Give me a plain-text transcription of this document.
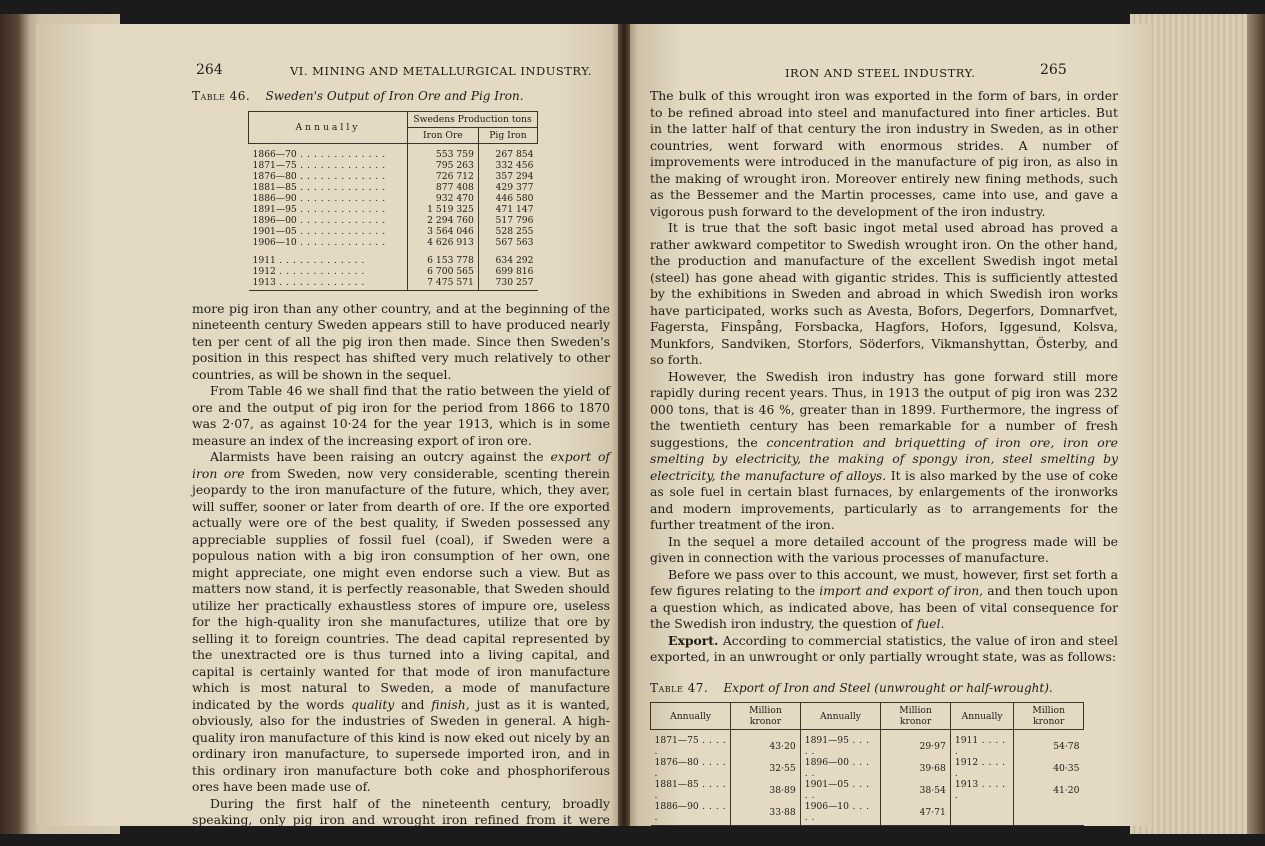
264	VI. MINING AND METALLURGICAL INDUSTRY.
Table 46. Sweden's Output of Iron Ore and Pig Iron.
Annually	Swedens Production tons	
	Iron Ore	Pig Iron
1866—70 . . .	553 759	267 854
1871—75 . . .	795 263	332 456
1876—80 . . .	726 712	357 294
1881—85 . . .	877 408	429 377
1886—90 . . .	932 470	446 580
1891—95 . . .	1 519 325	471 147
1896—00 . . .	2 294 760	517 796
1901—05 . . .	3 564 046	528 255
1906—10 . . .	4 626 913	567 563
1911 . . .	6 153 778	634 292
1912 . . .	6 700 565	699 816
1913 . . .	7 475 571	730 257

more pig iron than any other country, and at the beginning of the nineteenth century Sweden appears still to have produced nearly ten per cent of all the pig iron then made. Since then Sweden's position in this respect has shifted very much relatively to other countries, as will be shown in the sequel.

From Table 46 we shall find that the ratio between the yield of ore and the output of pig iron for the period from 1866 to 1870 was 2·07, as against 10·24 for the year 1913, which is in some measure an index of the increasing export of iron ore.

Alarmists have been raising an outcry against the export of iron ore from Sweden, now very considerable, scenting therein jeopardy to the iron manufacture of the future, which, they aver, will suffer, sooner or later from dearth of ore. If the ore exported actually were ore of the best quality, if Sweden possessed any appreciable supplies of fossil fuel (coal), if Sweden were a populous nation with a big iron consumption of her own, one might appreciate, one might even endorse such a view. But as matters now stand, it is perfectly reasonable, that Sweden should utilize her practically exhaustless stores of impure ore, useless for the high-quality iron she manufactures, utilize that ore by selling it to foreign countries. The dead capital represented by the unextracted ore is thus turned into a living capital, and capital is certainly wanted for that mode of iron manufacture which is most natural to Sweden, a mode of manufacture indicated by the words quality and finish, just as it is wanted, obviously, also for the industries of Sweden in general. A high-quality iron manufacture of this kind is now eked out nicely by an ordinary iron manufacture, to supersede imported iron, and in this ordinary iron manufacture both coke and phosphoriferous ores have been made use of.

During the first half of the nineteenth century, broadly speaking, only pig iron and wrought iron refined from it were produced in Sweden.

IRON AND STEEL INDUSTRY.	265

The bulk of this wrought iron was exported in the form of bars, in order to be refined abroad into steel and manufactured into finer articles. But in the latter half of that century the iron industry in Sweden, as in other countries, went forward with enormous strides. A number of improvements were introduced in the manufacture of pig iron, as also in the making of wrought iron. Moreover entirely new fining methods, such as the Bessemer and the Martin processes, came into use, and gave a vigorous push forward to the development of the iron industry.

It is true that the soft basic ingot metal used abroad has proved a rather awkward competitor to Swedish wrought iron. On the other hand, the production and manufacture of the excellent Swedish ingot metal (steel) has gone ahead with gigantic strides. This is sufficiently attested by the exhibitions in Sweden and abroad in which Swedish iron works have participated, works such as Avesta, Bofors, Degerfors, Domnarfvet, Fagersta, Finspång, Forsbacka, Hagfors, Hofors, Iggesund, Kolsva, Munkfors, Sandviken, Storfors, Söderfors, Vikmanshyttan, Österby, and so forth.

However, the Swedish iron industry has gone forward still more rapidly during recent years. Thus, in 1913 the output of pig iron was 232 000 tons, that is 46 %, greater than in 1899. Furthermore, the ingress of the twentieth century has been remarkable for a number of fresh suggestions, the concentration and briquetting of iron ore, iron ore smelting by electricity, the making of spongy iron, steel smelting by electricity, the manufacture of alloys. It is also marked by the use of coke as sole fuel in certain blast furnaces, by enlargements of the ironworks and modern improvements, particularly as to arrangements for the further treatment of the iron.

In the sequel a more detailed account of the progress made will be given in connection with the various processes of manufacture.

Before we pass over to this account, we must, however, first set forth a few figures relating to the import and export of iron, and then touch upon a question which, as indicated above, has been of vital consequence for the Swedish iron industry, the question of fuel.

Export. According to commercial statistics, the value of iron and steel exported, in an unwrought or only partially wrought state, was as follows:

Table 47. Export of Iron and Steel (unwrought or half-wrought).
Annually	Million kronor	Annually	Million kronor	Annually	Million kronor
1871—75 . . .	43·20	1891—95 . . .	29·97	1911 . . .	54·78
1876—80 . . .	32·55	1896—00 . . .	39·68	1912 . . .	40·35
1881—85 . . .	38·89	1901—05 . . .	38·54	1913 . . .	41·20
1886—90 . . .	33·88	1906—10 . . .	47·71		
